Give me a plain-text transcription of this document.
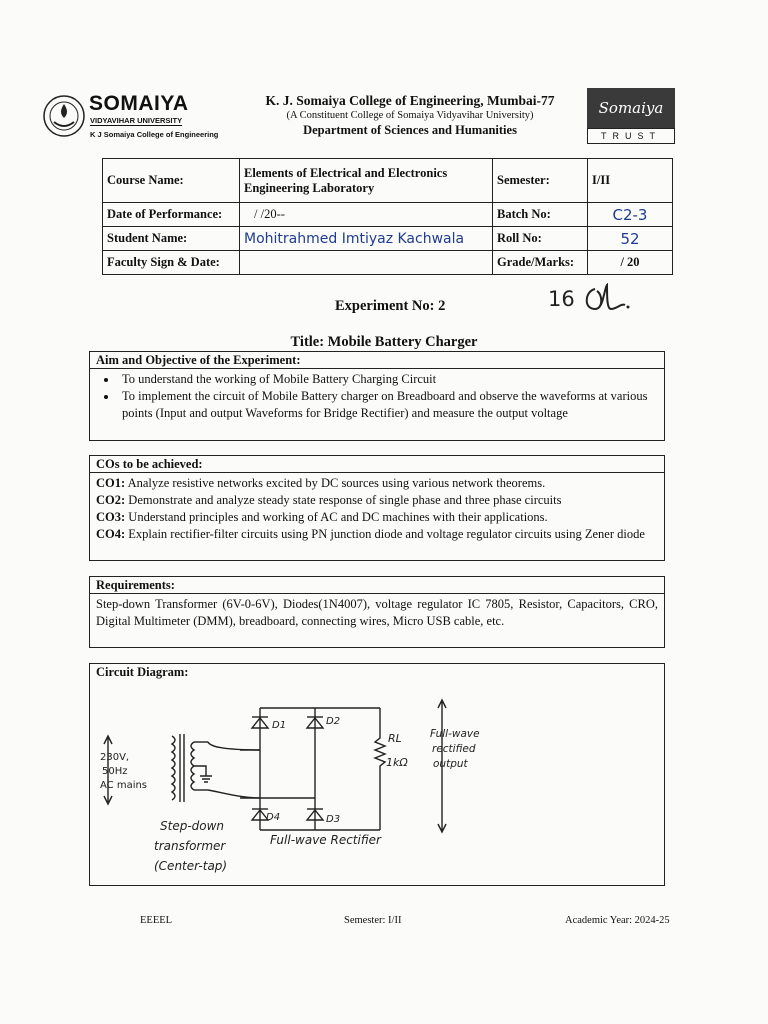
SOMAIYA
VIDYAVIHAR UNIVERSITY
K J Somaiya College of Engineering
K. J. Somaiya College of Engineering, Mumbai-77
(A Constituent College of Somaiya Vidyavihar University)
Department of Sciences and Humanities
Somaiya
TRUST
Course Name:	Elements of Electrical and Electronics Engineering Laboratory	Semester:	I/II
Date of Performance:	/ /20--	Batch No:	C2-3
Student Name:	Mohitrahmed Imtiyaz Kachwala	Roll No:	52
Faculty Sign & Date:		Grade/Marks:	/ 20
Experiment No: 2	16
Title: Mobile Battery Charger
Aim and Objective of the Experiment:
• To understand the working of Mobile Battery Charging Circuit
• To implement the circuit of Mobile Battery charger on Breadboard and observe the waveforms at various points (Input and output Waveforms for Bridge Rectifier) and measure the output voltage
COs to be achieved:
CO1: Analyze resistive networks excited by DC sources using various network theorems.
CO2: Demonstrate and analyze steady state response of single phase and three phase circuits
CO3: Understand principles and working of AC and DC machines with their applications.
CO4: Explain rectifier-filter circuits using PN junction diode and voltage regulator circuits using Zener diode
Requirements:
Step-down Transformer (6V-0-6V), Diodes(1N4007), voltage regulator IC 7805, Resistor, Capacitors, CRO, Digital Multimeter (DMM), breadboard, connecting wires, Micro USB cable, etc.
Circuit Diagram:
230V,
50Hz
AC mains
D1	D2
D4	D3
RL
1kΩ
Full-wave
rectified
output
Step-down
transformer
(Center-tap)
Full-wave Rectifier
EEEEL	Semester: I/II	Academic Year: 2024-25
